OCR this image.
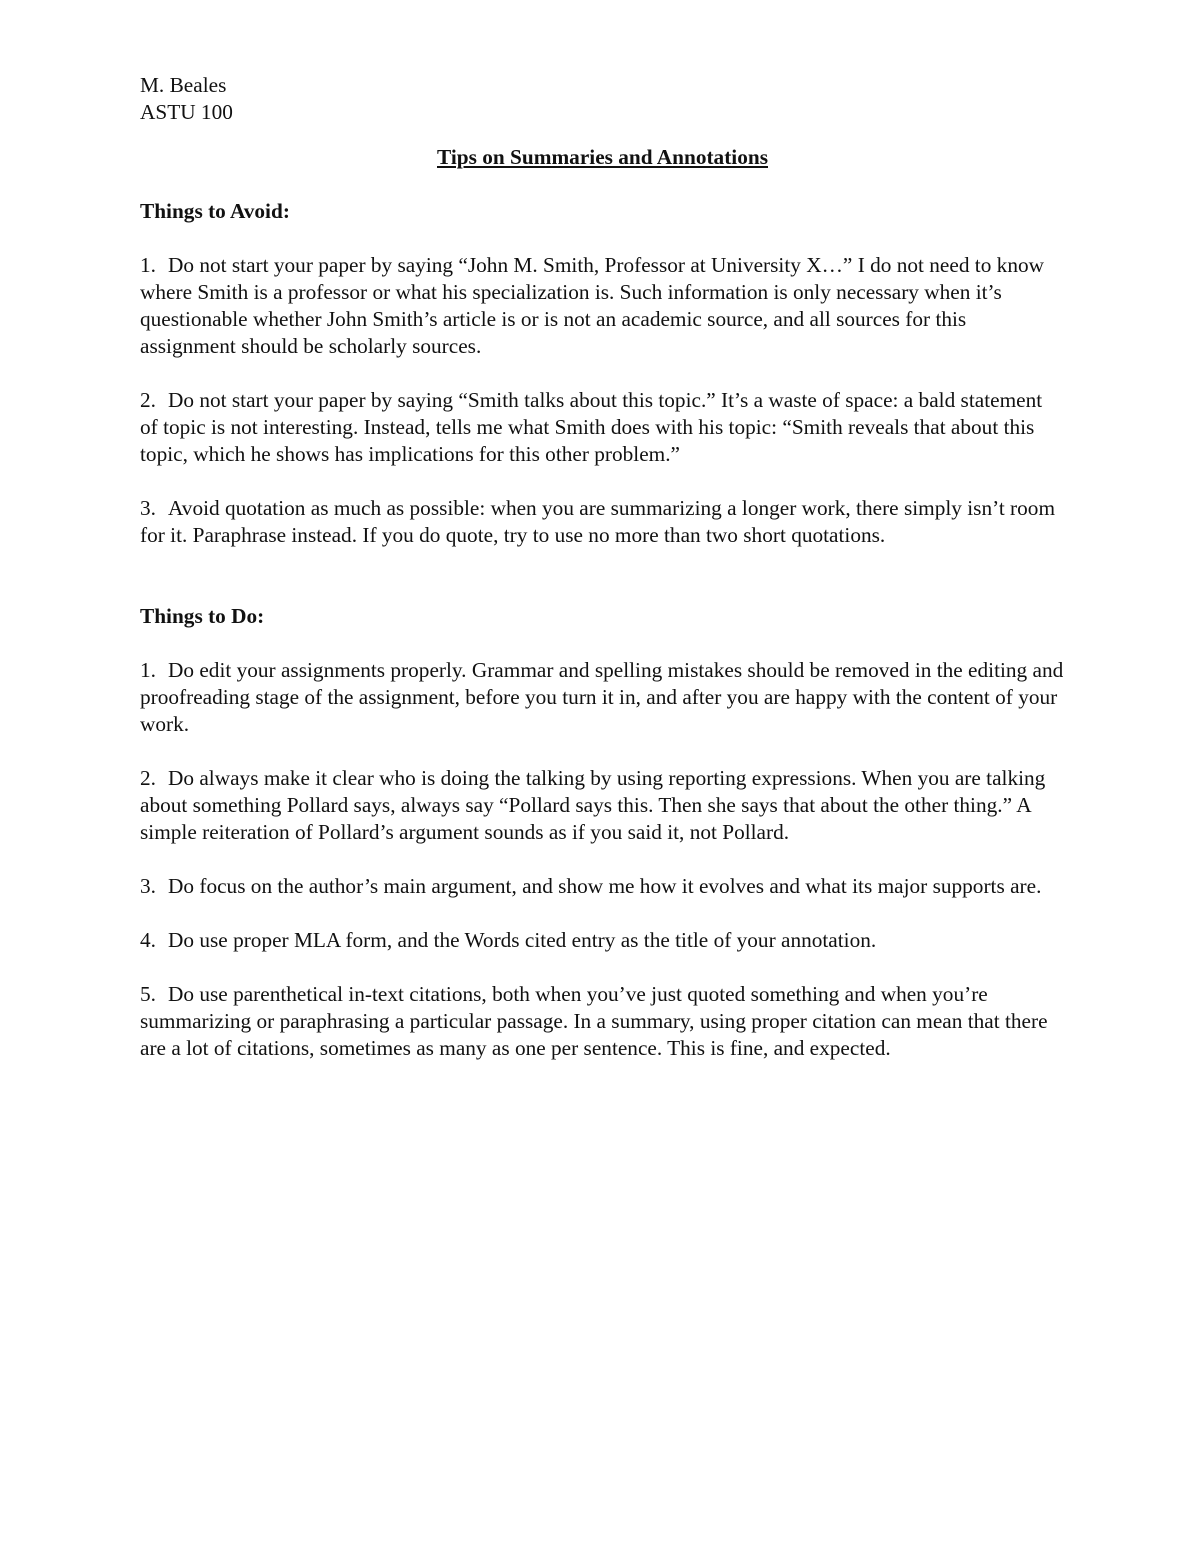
M. Beales

ASTU 100

Tips on Summaries and Annotations

Things to Avoid:

1. Do not start your paper by saying “John M. Smith, Professor at University X…” I do not need to know where Smith is a professor or what his specialization is. Such information is only necessary when it’s questionable whether John Smith’s article is or is not an academic source, and all sources for this assignment should be scholarly sources.

2. Do not start your paper by saying “Smith talks about this topic.” It’s a waste of space: a bald statement of topic is not interesting. Instead, tells me what Smith does with his topic: “Smith reveals that about this topic, which he shows has implications for this other problem.”

3. Avoid quotation as much as possible: when you are summarizing a longer work, there simply isn’t room for it. Paraphrase instead. If you do quote, try to use no more than two short quotations.

Things to Do:

1. Do edit your assignments properly. Grammar and spelling mistakes should be removed in the editing and proofreading stage of the assignment, before you turn it in, and after you are happy with the content of your work.

2. Do always make it clear who is doing the talking by using reporting expressions. When you are talking about something Pollard says, always say “Pollard says this. Then she says that about the other thing.” A simple reiteration of Pollard’s argument sounds as if you said it, not Pollard.

3. Do focus on the author’s main argument, and show me how it evolves and what its major supports are.

4. Do use proper MLA form, and the Words cited entry as the title of your annotation.

5. Do use parenthetical in-text citations, both when you’ve just quoted something and when you’re summarizing or paraphrasing a particular passage. In a summary, using proper citation can mean that there are a lot of citations, sometimes as many as one per sentence. This is fine, and expected.
